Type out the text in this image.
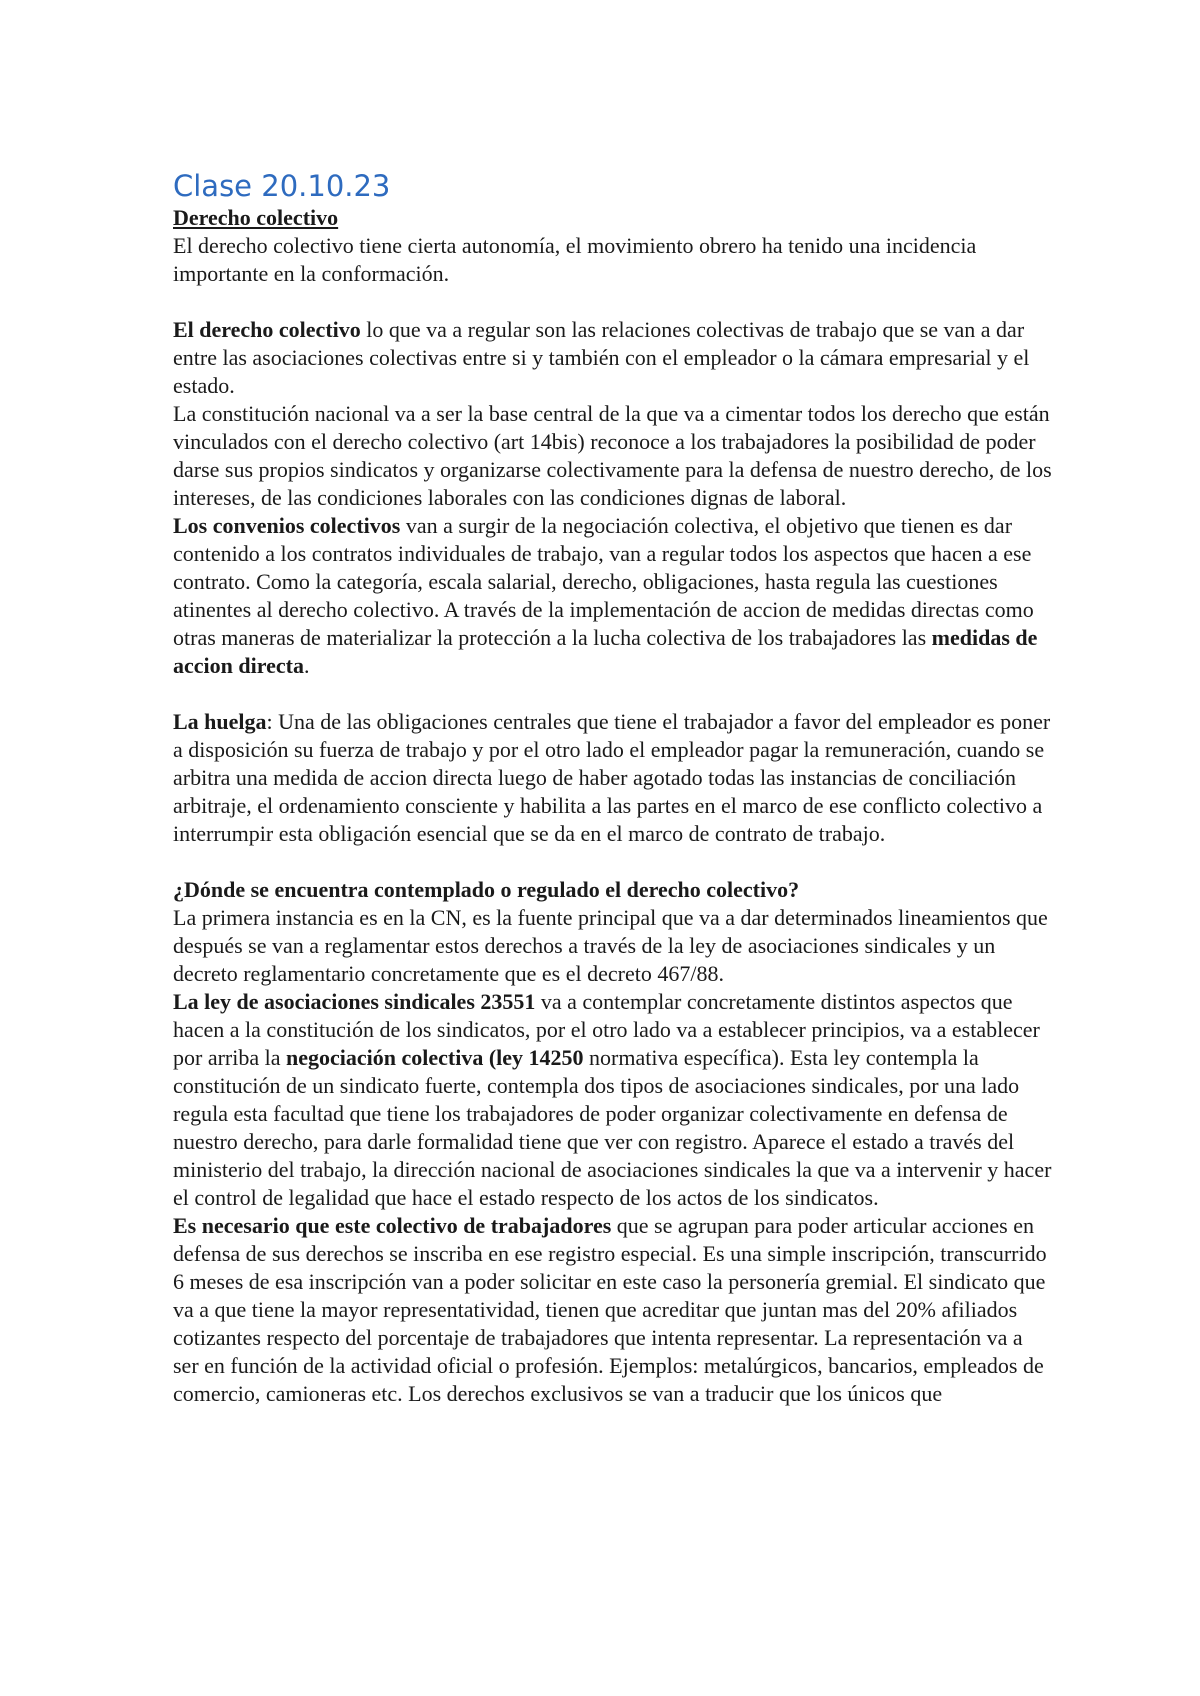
Clase 20.10.23

Derecho colectivo

El derecho colectivo tiene cierta autonomía, el movimiento obrero ha tenido una incidencia importante en la conformación.

El derecho colectivo lo que va a regular son las relaciones colectivas de trabajo que se van a dar entre las asociaciones colectivas entre si y también con el empleador o la cámara empresarial y el estado.

La constitución nacional va a ser la base central de la que va a cimentar todos los derecho que están vinculados con el derecho colectivo (art 14bis) reconoce a los trabajadores la posibilidad de poder darse sus propios sindicatos y organizarse colectivamente para la defensa de nuestro derecho, de los intereses, de las condiciones laborales con las condiciones dignas de laboral.

Los convenios colectivos van a surgir de la negociación colectiva, el objetivo que tienen es dar contenido a los contratos individuales de trabajo, van a regular todos los aspectos que hacen a ese contrato. Como la categoría, escala salarial, derecho, obligaciones, hasta regula las cuestiones atinentes al derecho colectivo. A través de la implementación de accion de medidas directas como otras maneras de materializar la protección a la lucha colectiva de los trabajadores las medidas de accion directa.

La huelga: Una de las obligaciones centrales que tiene el trabajador a favor del empleador es poner a disposición su fuerza de trabajo y por el otro lado el empleador pagar la remuneración, cuando se arbitra una medida de accion directa luego de haber agotado todas las instancias de conciliación arbitraje, el ordenamiento consciente y habilita a las partes en el marco de ese conflicto colectivo a interrumpir esta obligación esencial que se da en el marco de contrato de trabajo.

¿Dónde se encuentra contemplado o regulado el derecho colectivo?

La primera instancia es en la CN, es la fuente principal que va a dar determinados lineamientos que después se van a reglamentar estos derechos a través de la ley de asociaciones sindicales y un decreto reglamentario concretamente que es el decreto 467/88.

La ley de asociaciones sindicales 23551 va a contemplar concretamente distintos aspectos que hacen a la constitución de los sindicatos, por el otro lado va a establecer principios, va a establecer por arriba la negociación colectiva (ley 14250 normativa específica). Esta ley contempla la constitución de un sindicato fuerte, contempla dos tipos de asociaciones sindicales, por una lado regula esta facultad que tiene los trabajadores de poder organizar colectivamente en defensa de nuestro derecho, para darle formalidad tiene que ver con registro. Aparece el estado a través del ministerio del trabajo, la dirección nacional de asociaciones sindicales la que va a intervenir y hacer el control de legalidad que hace el estado respecto de los actos de los sindicatos.

Es necesario que este colectivo de trabajadores que se agrupan para poder articular acciones en defensa de sus derechos se inscriba en ese registro especial. Es una simple inscripción, transcurrido 6 meses de esa inscripción van a poder solicitar en este caso la personería gremial. El sindicato que va a que tiene la mayor representatividad, tienen que acreditar que juntan mas del 20% afiliados cotizantes respecto del porcentaje de trabajadores que intenta representar. La representación va a ser en función de la actividad oficial o profesión. Ejemplos: metalúrgicos, bancarios, empleados de comercio, camioneras etc. Los derechos exclusivos se van a traducir que los únicos que
